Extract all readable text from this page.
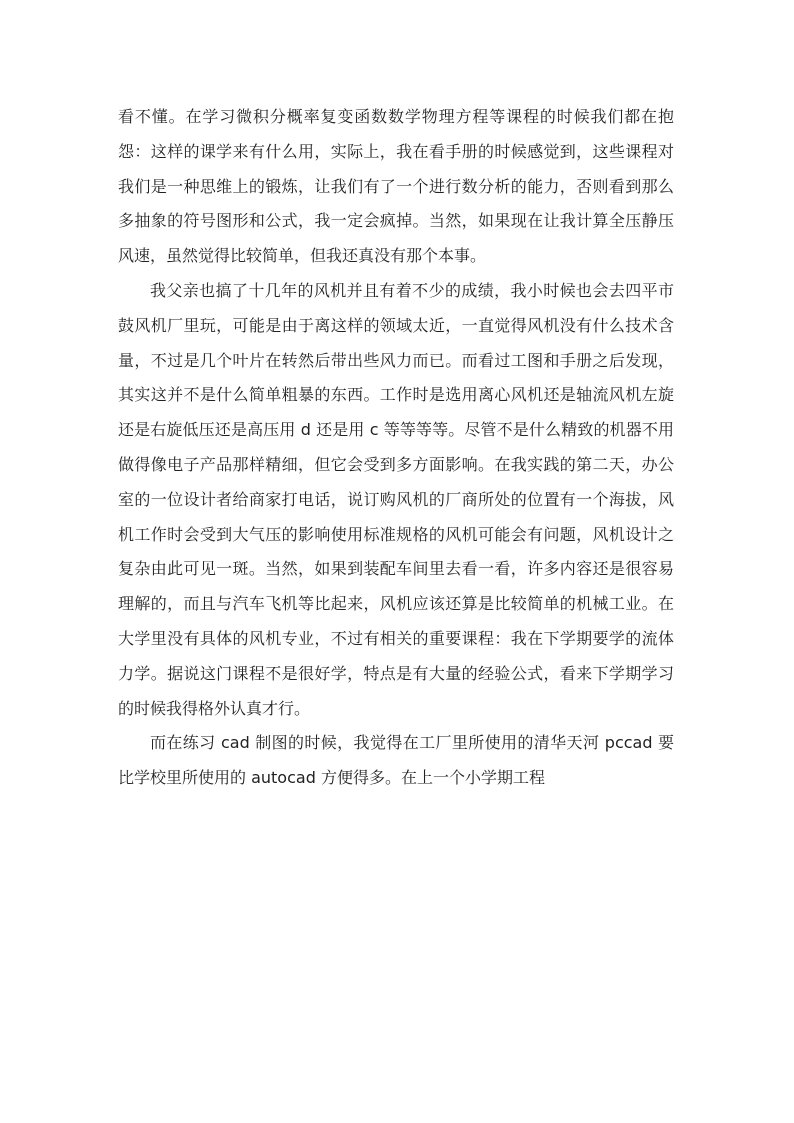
看不懂。在学习微积分概率复变函数数学物理方程等课程的时候我们都在抱怨：这样的课学来有什么用，实际上，我在看手册的时候感觉到，这些课程对我们是一种思维上的锻炼，让我们有了一个进行数分析的能力，否则看到那么多抽象的符号图形和公式，我一定会疯掉。当然，如果现在让我计算全压静压风速，虽然觉得比较简单，但我还真没有那个本事。

我父亲也搞了十几年的风机并且有着不少的成绩，我小时候也会去四平市鼓风机厂里玩，可能是由于离这样的领域太近，一直觉得风机没有什么技术含量，不过是几个叶片在转然后带出些风力而已。而看过工图和手册之后发现，其实这并不是什么简单粗暴的东西。工作时是选用离心风机还是轴流风机左旋还是右旋低压还是高压用 d 还是用 c 等等等等。尽管不是什么精致的机器不用做得像电子产品那样精细，但它会受到多方面影响。在我实践的第二天，办公室的一位设计者给商家打电话，说订购风机的厂商所处的位置有一个海拔，风机工作时会受到大气压的影响使用标准规格的风机可能会有问题，风机设计之复杂由此可见一斑。当然，如果到装配车间里去看一看，许多内容还是很容易理解的，而且与汽车飞机等比起来，风机应该还算是比较简单的机械工业。在大学里没有具体的风机专业，不过有相关的重要课程：我在下学期要学的流体力学。据说这门课程不是很好学，特点是有大量的经验公式，看来下学期学习的时候我得格外认真才行。

而在练习 cad 制图的时候，我觉得在工厂里所使用的清华天河 pccad 要比学校里所使用的 autocad 方便得多。在上一个小学期工程
